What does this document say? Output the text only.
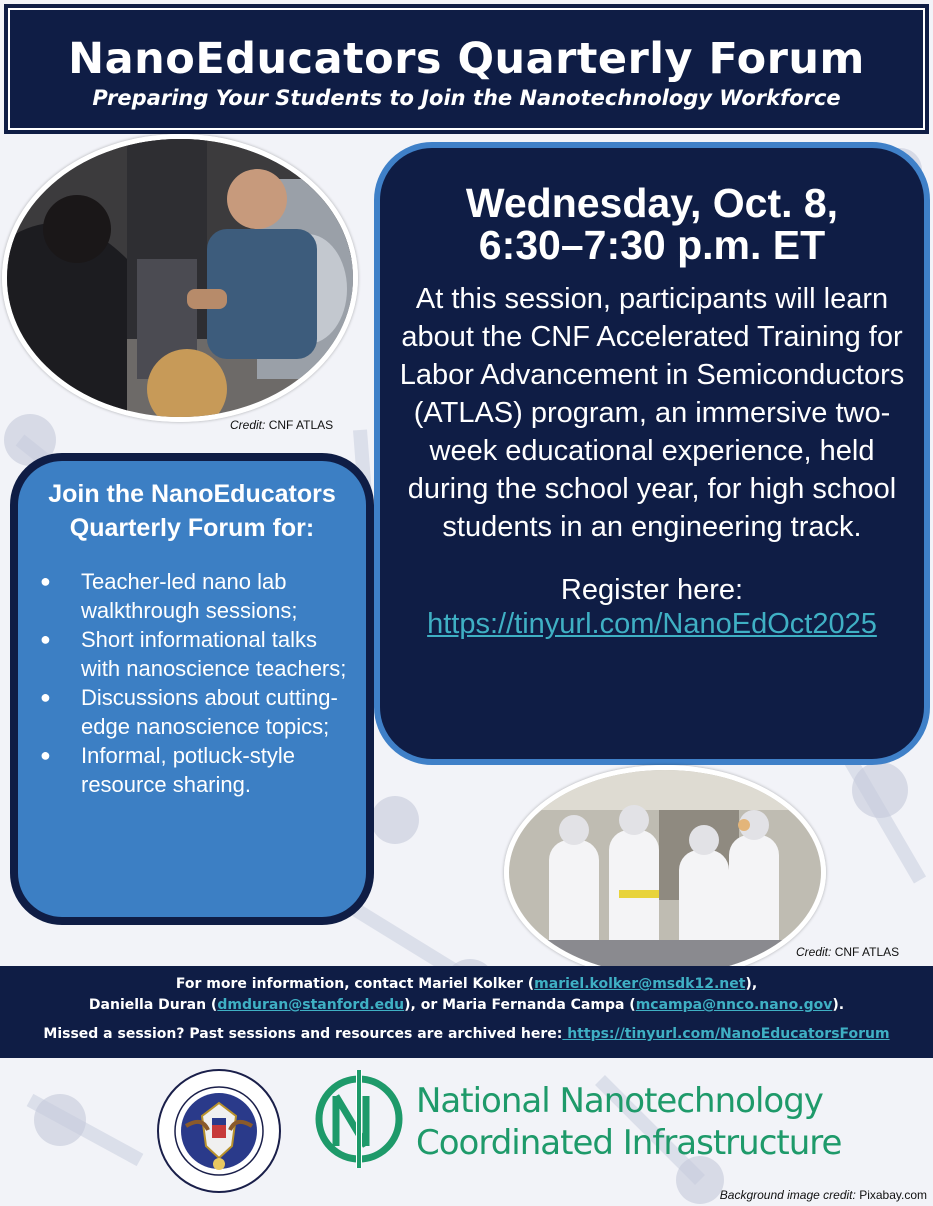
NanoEducators Quarterly Forum
Preparing Your Students to Join the Nanotechnology Workforce
Credit: CNF ATLAS
Wednesday, Oct. 8,
6:30–7:30 p.m. ET
At this session, participants will learn about the CNF Accelerated Training for Labor Advancement in Semiconductors (ATLAS) program, an immersive two-week educational experience, held during the school year, for high school students in an engineering track.
Register here:
https://tinyurl.com/NanoEdOct2025
Join the NanoEducators Quarterly Forum for:
● Teacher-led nano lab walkthrough sessions;
● Short informational talks with nanoscience teachers;
● Discussions about cutting-edge nanoscience topics;
● Informal, potluck-style resource sharing.
Credit: CNF ATLAS
For more information, contact Mariel Kolker (mariel.kolker@msdk12.net),
Daniella Duran (dmduran@stanford.edu), or Maria Fernanda Campa (mcampa@nnco.nano.gov).
Missed a session? Past sessions and resources are archived here: https://tinyurl.com/NanoEducatorsForum
National Nanotechnology
Coordinated Infrastructure
Background image credit: Pixabay.com
